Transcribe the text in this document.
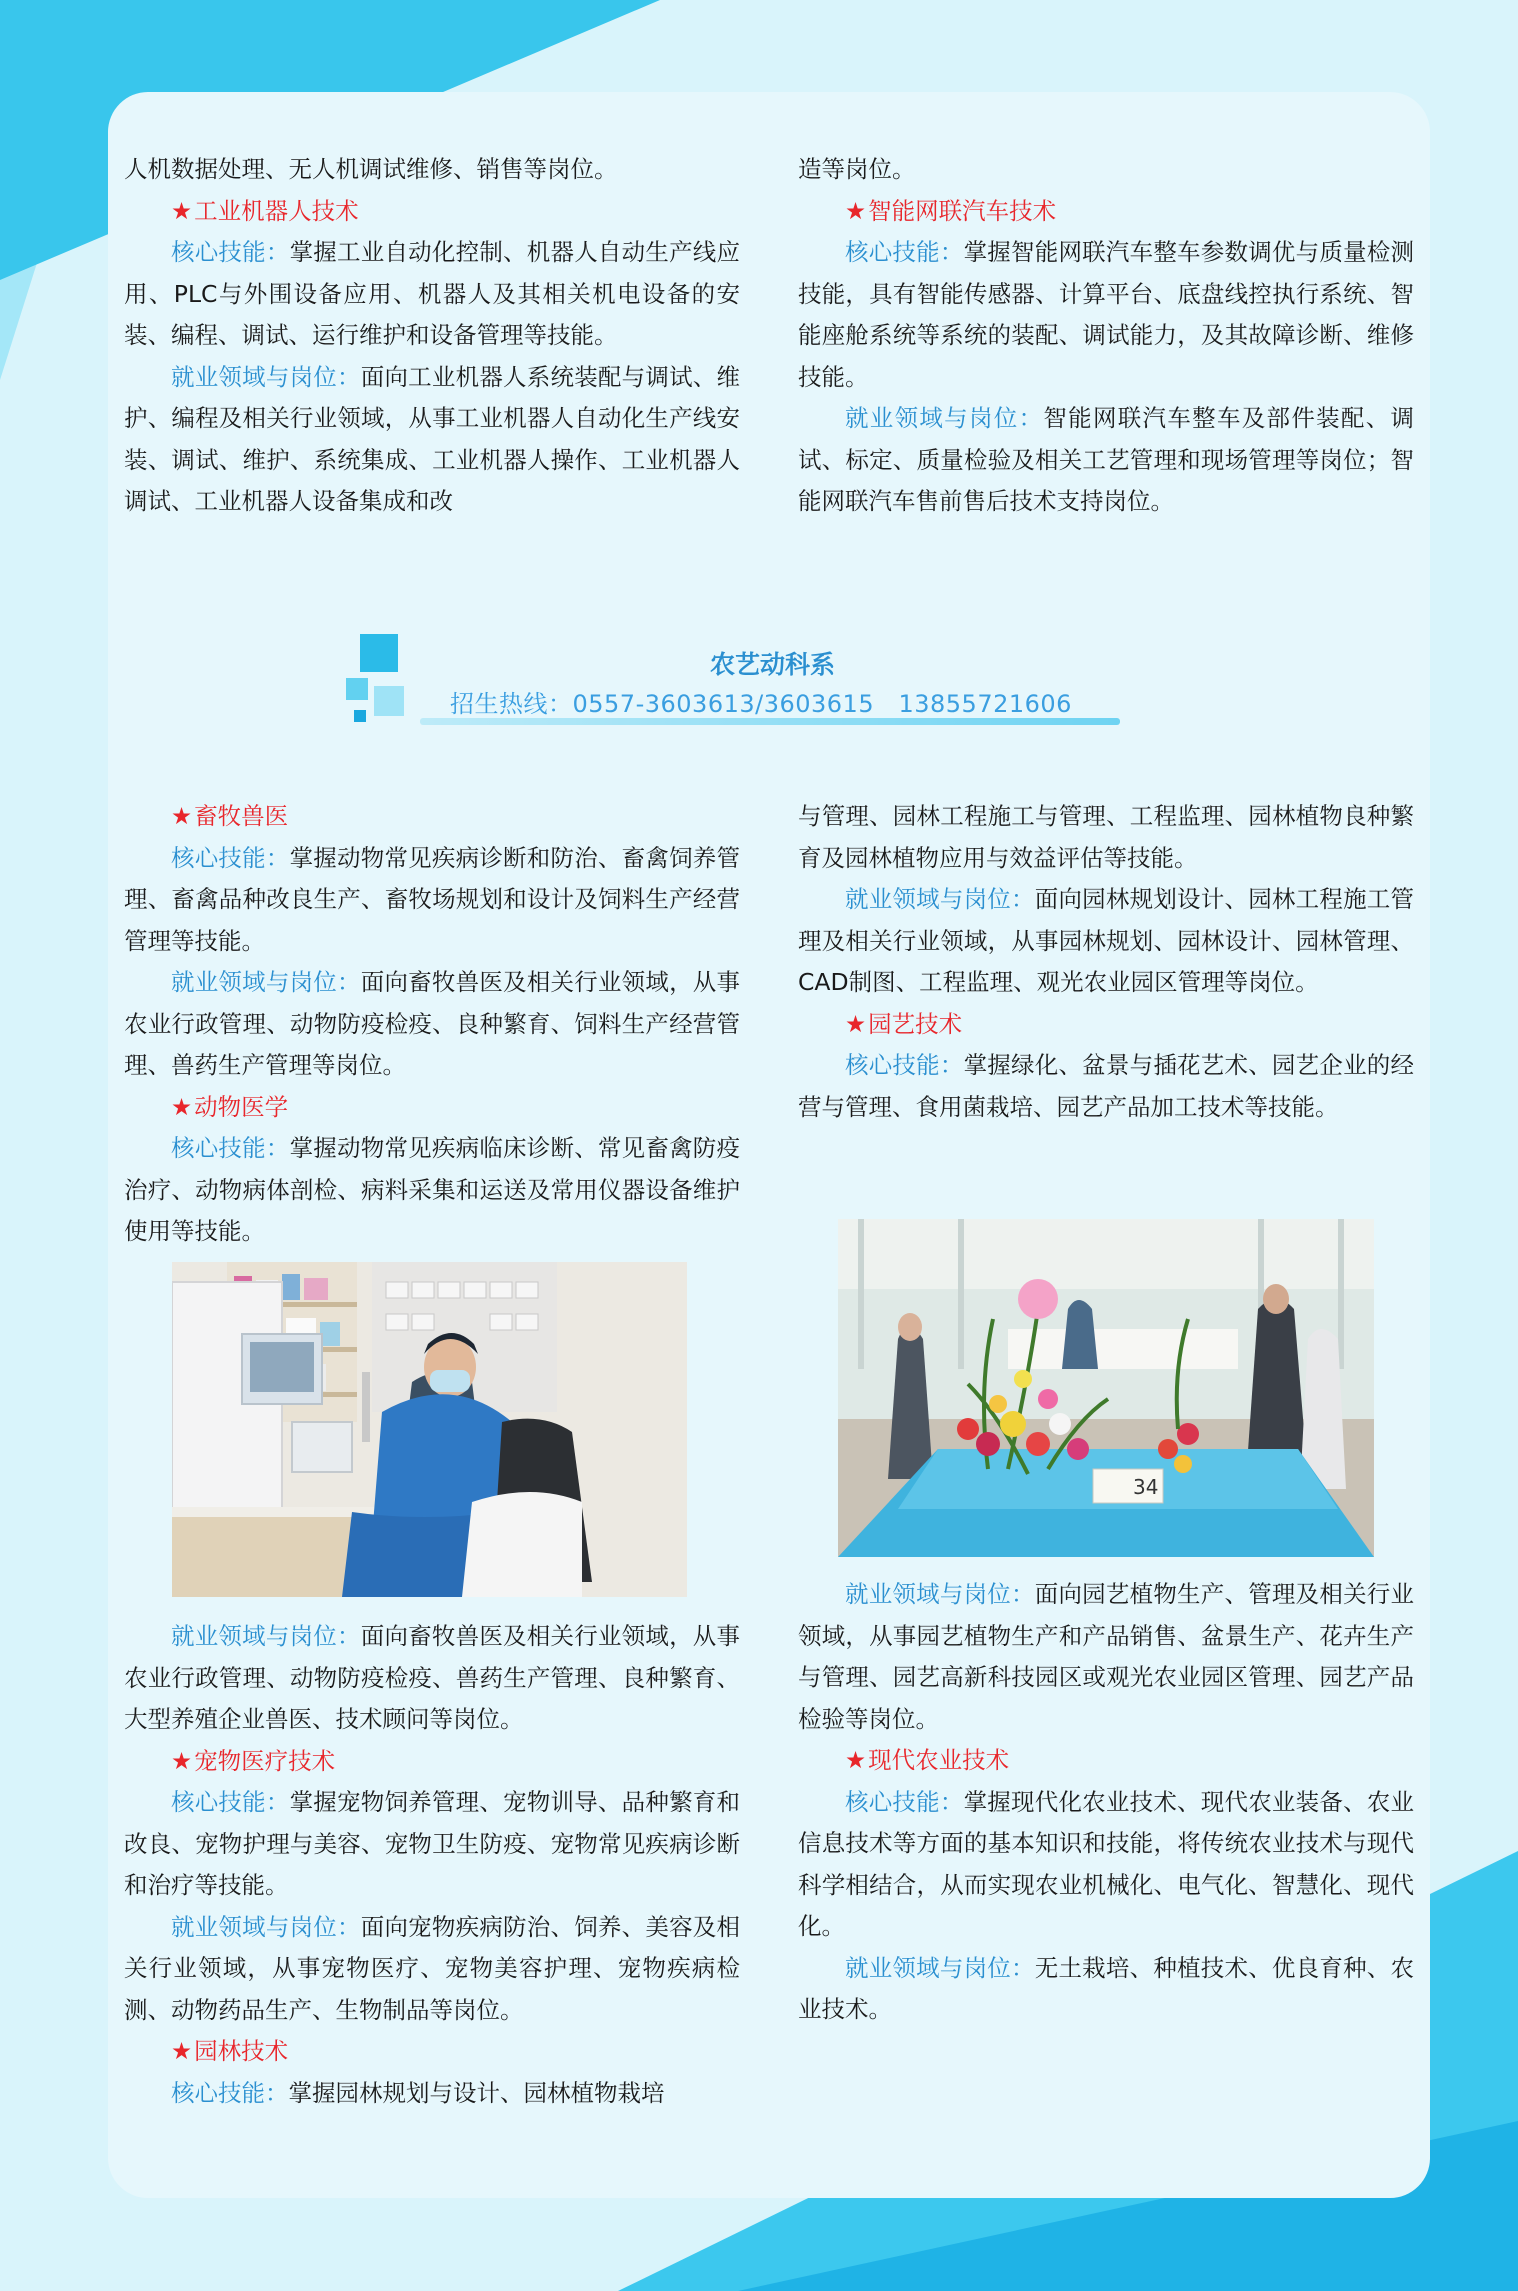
人机数据处理、无人机调试维修、销售等岗位。

★工业机器人技术

核心技能：掌握工业自动化控制、机器人自动生产线应用、PLC与外围设备应用、机器人及其相关机电设备的安装、编程、调试、运行维护和设备管理等技能。

就业领域与岗位：面向工业机器人系统装配与调试、维护、编程及相关行业领域，从事工业机器人自动化生产线安装、调试、维护、系统集成、工业机器人操作、工业机器人调试、工业机器人设备集成和改

造等岗位。

★智能网联汽车技术

核心技能：掌握智能网联汽车整车参数调优与质量检测技能，具有智能传感器、计算平台、底盘线控执行系统、智能座舱系统等系统的装配、调试能力，及其故障诊断、维修技能。

就业领域与岗位：智能网联汽车整车及部件装配、调试、标定、质量检验及相关工艺管理和现场管理等岗位；智能网联汽车售前售后技术支持岗位。

农艺动科系
招生热线：0557-3603613/3603615   13855721606

★畜牧兽医

核心技能：掌握动物常见疾病诊断和防治、畜禽饲养管理、畜禽品种改良生产、畜牧场规划和设计及饲料生产经营管理等技能。

就业领域与岗位：面向畜牧兽医及相关行业领域，从事农业行政管理、动物防疫检疫、良种繁育、饲料生产经营管理、兽药生产管理等岗位。

★动物医学

核心技能：掌握动物常见疾病临床诊断、常见畜禽防疫治疗、动物病体剖检、病料采集和运送及常用仪器设备维护使用等技能。

就业领域与岗位：面向畜牧兽医及相关行业领域，从事农业行政管理、动物防疫检疫、兽药生产管理、良种繁育、大型养殖企业兽医、技术顾问等岗位。

★宠物医疗技术

核心技能：掌握宠物饲养管理、宠物训导、品种繁育和改良、宠物护理与美容、宠物卫生防疫、宠物常见疾病诊断和治疗等技能。

就业领域与岗位：面向宠物疾病防治、饲养、美容及相关行业领域，从事宠物医疗、宠物美容护理、宠物疾病检测、动物药品生产、生物制品等岗位。

★园林技术

核心技能：掌握园林规划与设计、园林植物栽培

与管理、园林工程施工与管理、工程监理、园林植物良种繁育及园林植物应用与效益评估等技能。

就业领域与岗位：面向园林规划设计、园林工程施工管理及相关行业领域，从事园林规划、园林设计、园林管理、CAD制图、工程监理、观光农业园区管理等岗位。

★园艺技术

核心技能：掌握绿化、盆景与插花艺术、园艺企业的经营与管理、食用菌栽培、园艺产品加工技术等技能。

34

就业领域与岗位：面向园艺植物生产、管理及相关行业领域，从事园艺植物生产和产品销售、盆景生产、花卉生产与管理、园艺高新科技园区或观光农业园区管理、园艺产品检验等岗位。

★现代农业技术

核心技能：掌握现代化农业技术、现代农业装备、农业信息技术等方面的基本知识和技能，将传统农业技术与现代科学相结合，从而实现农业机械化、电气化、智慧化、现代化。

就业领域与岗位：无土栽培、种植技术、优良育种、农业技术。
